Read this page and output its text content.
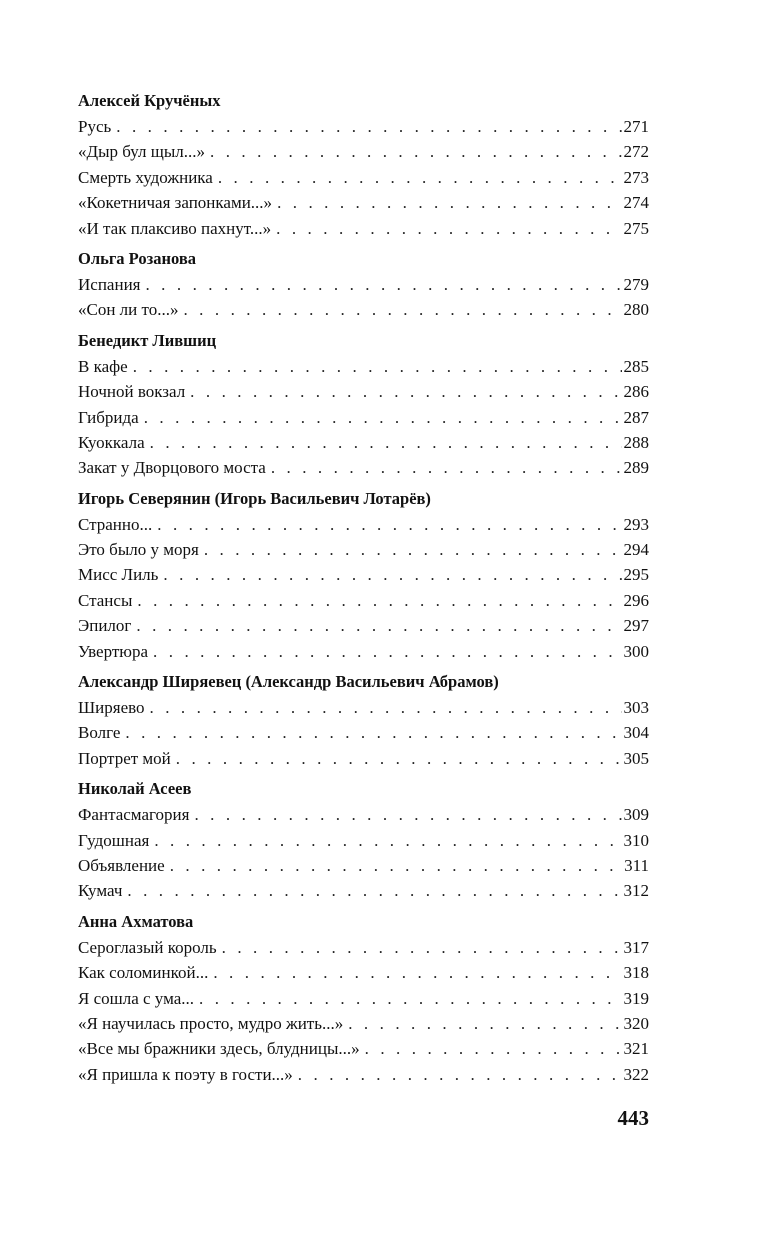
Алексей Кручёных
Русь . . .	271
«Дыр бул щыл...» . . .	272
Смерть художника . . .	273
«Кокетничая запонками...» . . .	274
«И так плаксиво пахнут...» . . .	275
Ольга Розанова
Испания . . .	279
«Сон ли то...» . . .	280
Бенедикт Лившиц
В кафе . . .	285
Ночной вокзал . . .	286
Гибрида . . .	287
Куоккала . . .	288
Закат у Дворцового моста . . .	289
Игорь Северянин (Игорь Васильевич Лотарёв)
Странно... . . .	293
Это было у моря . . .	294
Мисс Лиль . . .	295
Стансы . . .	296
Эпилог . . .	297
Увертюра . . .	300
Александр Ширяевец (Александр Васильевич Абрамов)
Ширяево . . .	303
Волге . . .	304
Портрет мой . . .	305
Николай Асеев
Фантасмагория . . .	309
Гудошная . . .	310
Объявление . . .	311
Кумач . . .	312
Анна Ахматова
Сероглазый король . . .	317
Как соломинкой... . . .	318
Я сошла с ума... . . .	319
«Я научилась просто, мудро жить...» . . .	320
«Все мы бражники здесь, блудницы...» . . .	321
«Я пришла к поэту в гости...» . . .	322
443
